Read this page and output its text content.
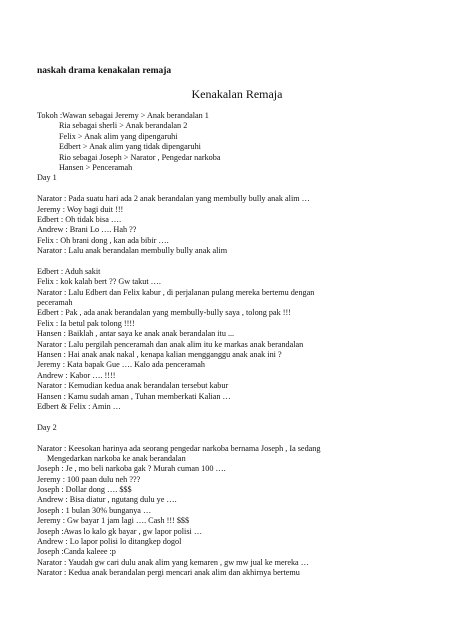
naskah drama kenakalan remaja
Kenakalan Remaja
Tokoh :Wawan sebagai Jeremy > Anak berandalan 1
Ria sebagai sherli > Anak berandalan 2
Felix > Anak alim yang dipengaruhi
Edbert > Anak alim yang tidak dipengaruhi
Rio sebagai Joseph > Narator , Pengedar narkoba
Hansen > Penceramah
Day 1
Narator : Pada suatu hari ada 2 anak berandalan yang membully bully anak alim …
Jeremy : Woy bagi duit !!!
Edbert : Oh tidak bisa ….
Andrew : Brani Lo …. Hah ??
Felix : Oh brani dong , kan ada bibir ….
Narator : Lalu anak berandalan membully bully anak alim
Edbert : Aduh sakit
Felix : kok kalah bert ?? Gw takut ….
Narator : Lalu Edbert dan Felix kabur , di perjalanan pulang mereka bertemu dengan
peceramah
Edbert : Pak , ada anak berandalan yang membully-bully saya , tolong pak !!!
Felix : Ia betul pak tolong !!!!
Hansen : Baiklah , antar saya ke anak anak berandalan itu ...
Narator : Lalu pergilah penceramah dan anak alim itu ke markas anak berandalan
Hansen : Hai anak anak nakal , kenapa kalian mengganggu anak anak ini ?
Jeremy : Kata bapak Gue …. Kalo ada penceramah
Andrew : Kabor …. !!!!
Narator : Kemudian kedua anak berandalan tersebut kabur
Hansen : Kamu sudah aman , Tuhan memberkati Kalian …
Edbert & Felix : Amin …
Day 2
Narator : Keesokan harinya ada seorang pengedar narkoba bernama Joseph , Ia sedang
Mengedarkan narkoba ke anak berandalan
Joseph : Je , mo beli narkoba gak ? Murah cuman 100 ….
Jeremy : 100 paan dulu neh ???
Joseph : Dollar dong …. $$$
Andrew : Bisa diatur , ngutang dulu ye ….
Joseph : 1 bulan 30% bunganya …
Jeremy : Gw bayar 1 jam lagi …. Cash !!! $$$
Joseph :Awas lo kalo gk bayar , gw lapor polisi …
Andrew : Lo lapor polisi lo ditangkep dogol
Joseph :Canda kaleee :p
Narator : Yaudah gw cari dulu anak alim yang kemaren , gw mw jual ke mereka …
Narator : Kedua anak berandalan pergi mencari anak alim dan akhirnya bertemu
